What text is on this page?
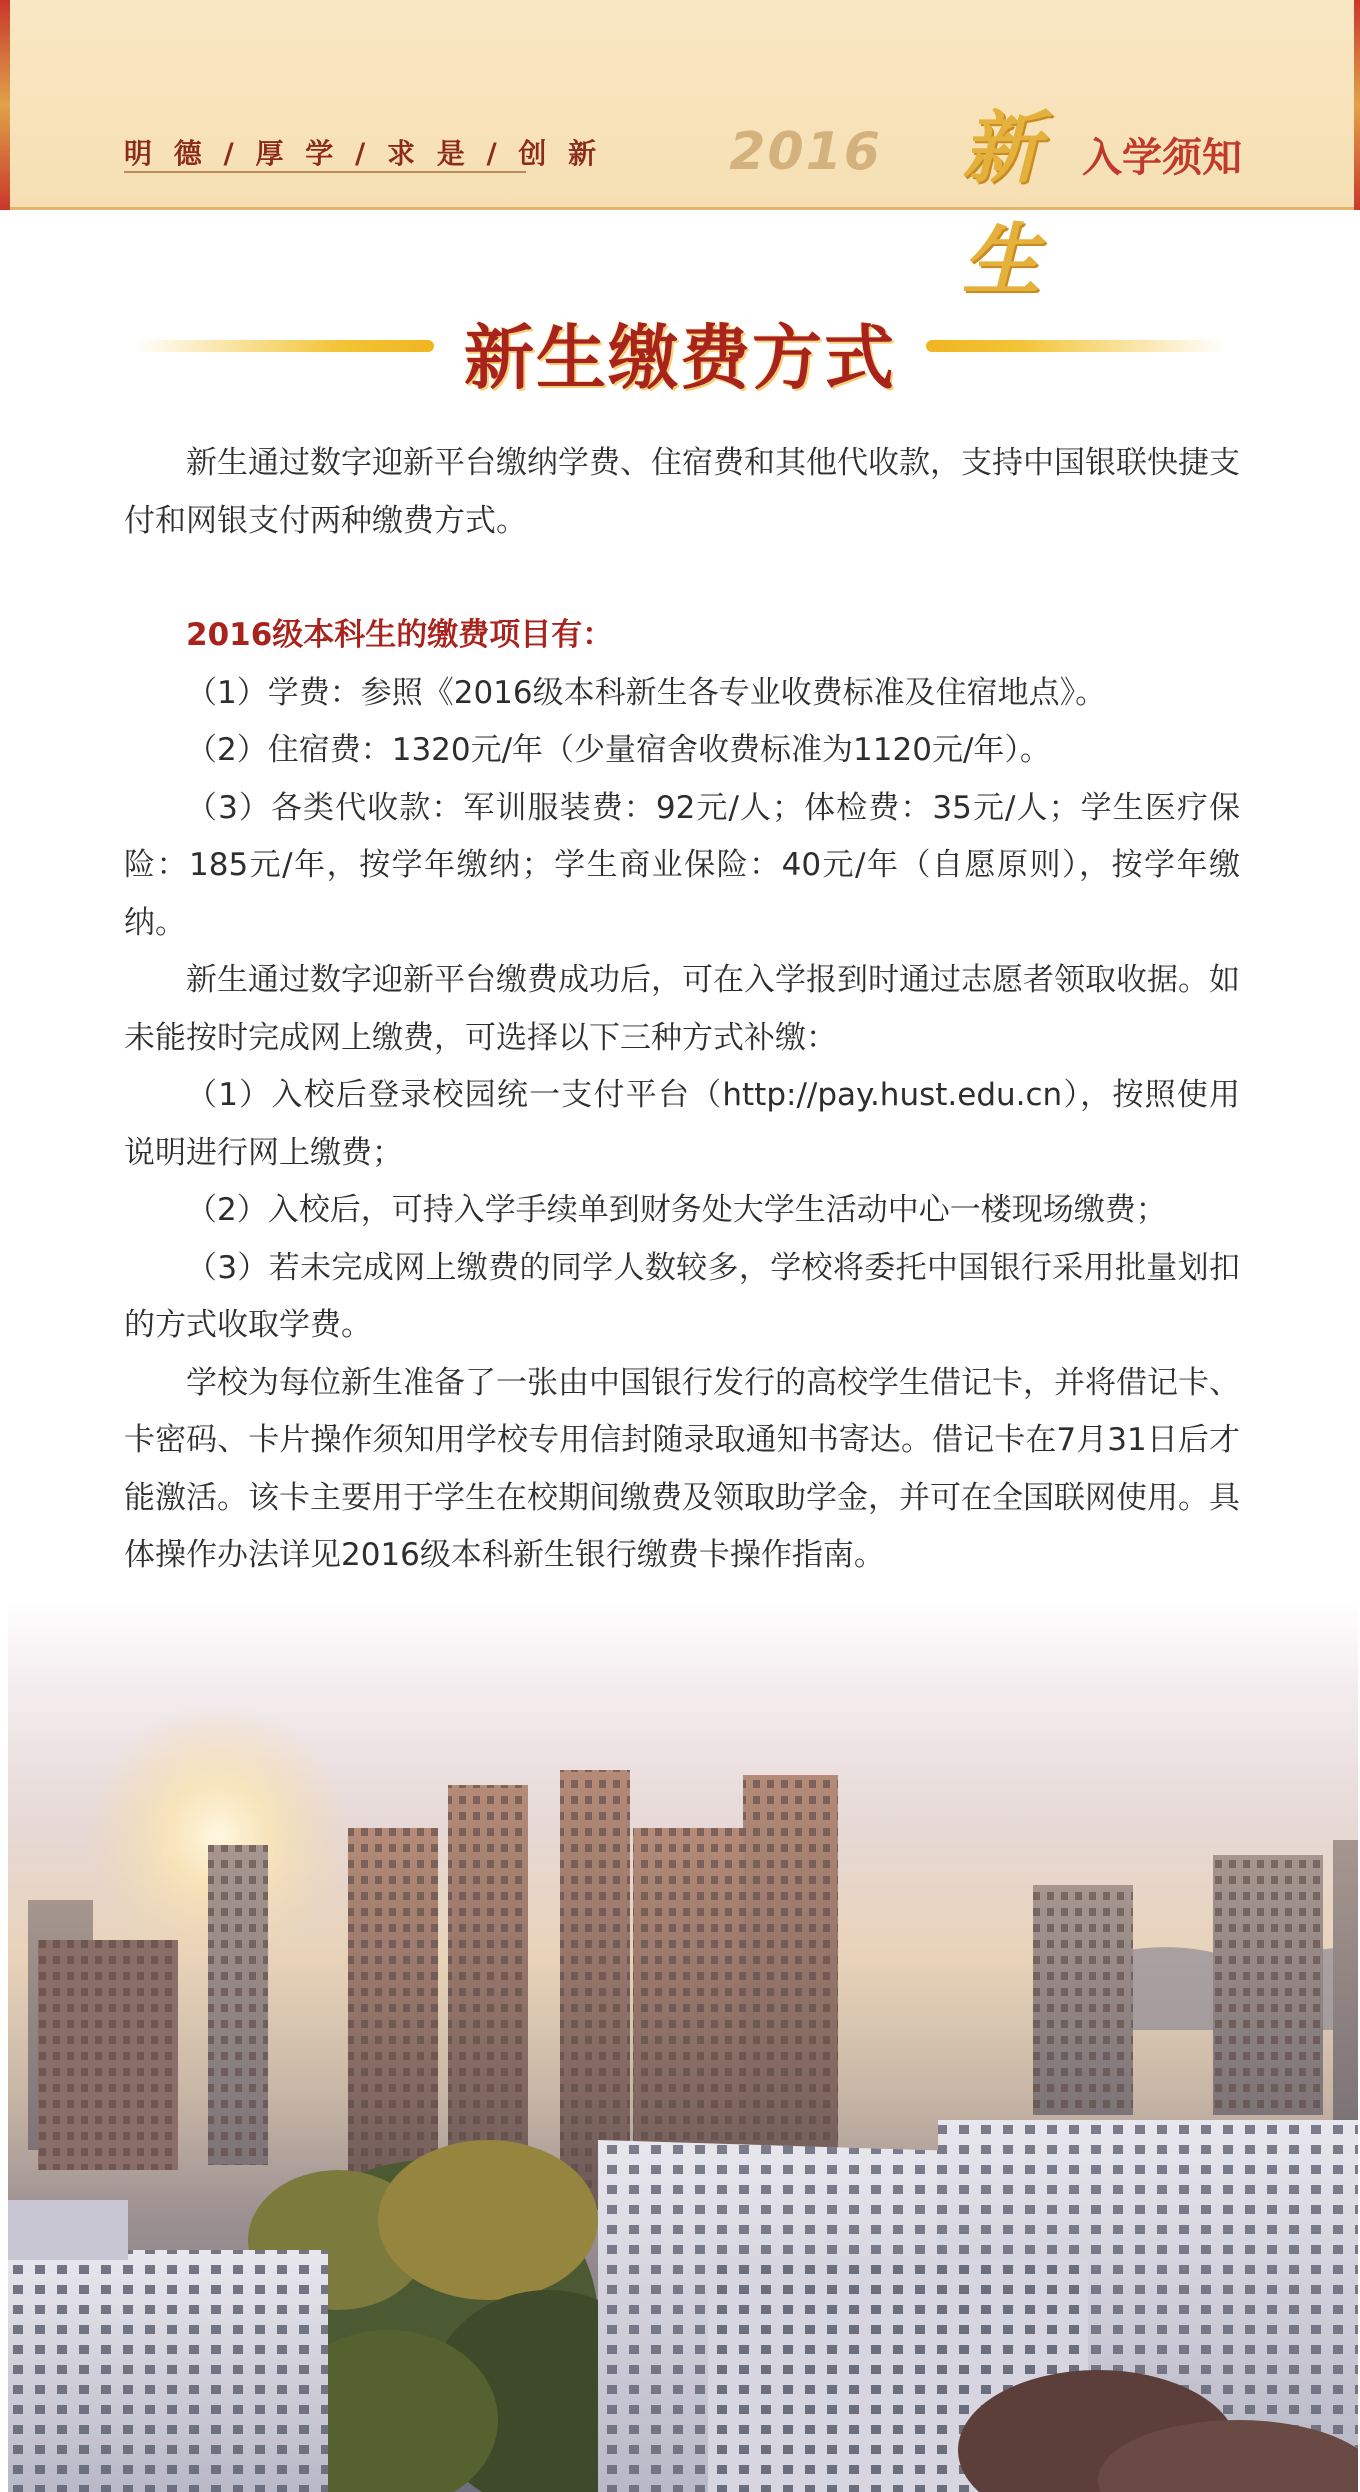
明 德 / 厚 学 / 求 是 / 创 新 2016 新生
入学须知
新生缴费方式

新生通过数字迎新平台缴纳学费、住宿费和其他代收款，支持中国银联快捷支付和网银支付两种缴费方式。

2016级本科生的缴费项目有：

（1）学费：参照《2016级本科新生各专业收费标准及住宿地点》。

（2）住宿费：1320元/年（少量宿舍收费标准为1120元/年）。

（3）各类代收款：军训服装费：92元/人；体检费：35元/人；学生医疗保险：185元/年，按学年缴纳；学生商业保险：40元/年（自愿原则），按学年缴纳。

新生通过数字迎新平台缴费成功后，可在入学报到时通过志愿者领取收据。如未能按时完成网上缴费，可选择以下三种方式补缴：

（1）入校后登录校园统一支付平台（http://pay.hust.edu.cn），按照使用说明进行网上缴费；

（2）入校后，可持入学手续单到财务处大学生活动中心一楼现场缴费；

（3）若未完成网上缴费的同学人数较多，学校将委托中国银行采用批量划扣的方式收取学费。

学校为每位新生准备了一张由中国银行发行的高校学生借记卡，并将借记卡、卡密码、卡片操作须知用学校专用信封随录取通知书寄达。借记卡在7月31日后才能激活。该卡主要用于学生在校期间缴费及领取助学金，并可在全国联网使用。具体操作办法详见2016级本科新生银行缴费卡操作指南。
